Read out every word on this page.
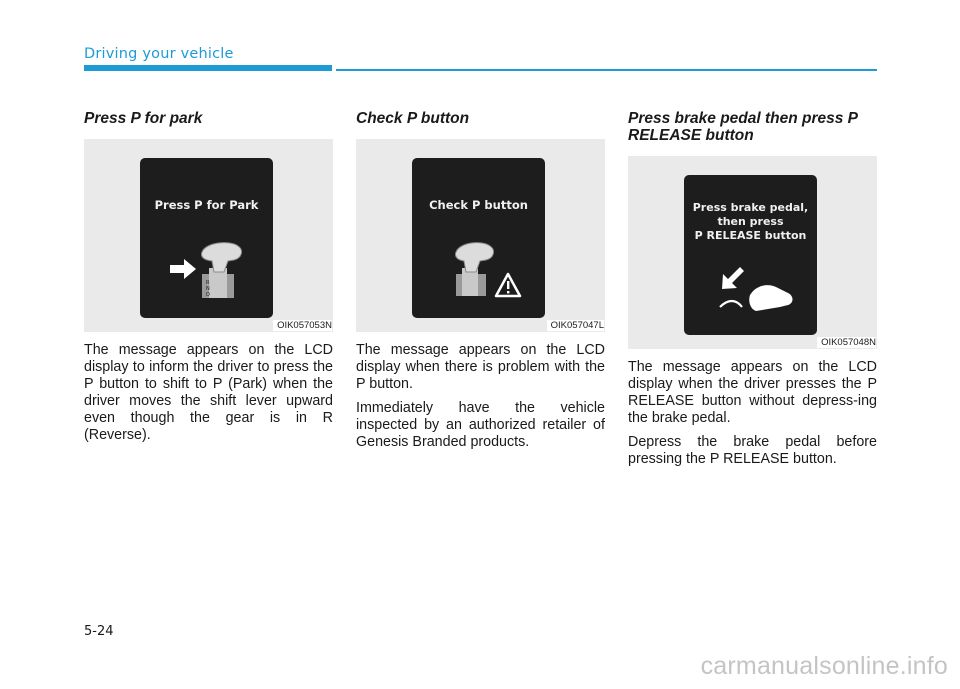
Driving your vehicle
Press P for park

Press P for Park

R
N
D

OIK057053N

The message appears on the LCD display to inform the driver to press the P button to shift to P (Park) when the driver moves the shift lever upward even though the gear is in R (Reverse).

Check P button

Check P button

OIK057047L

The message appears on the LCD display when there is problem with the P button.

Immediately have the vehicle inspected by an authorized retailer of Genesis Branded products.

Press brake pedal then press P RELEASE button

Press brake pedal,
then press
P RELEASE button

OIK057048N

The message appears on the LCD display when the driver presses the P RELEASE button without depress-ing the brake pedal.

Depress the brake pedal before pressing the P RELEASE button.

5-24

carmanualsonline.info
